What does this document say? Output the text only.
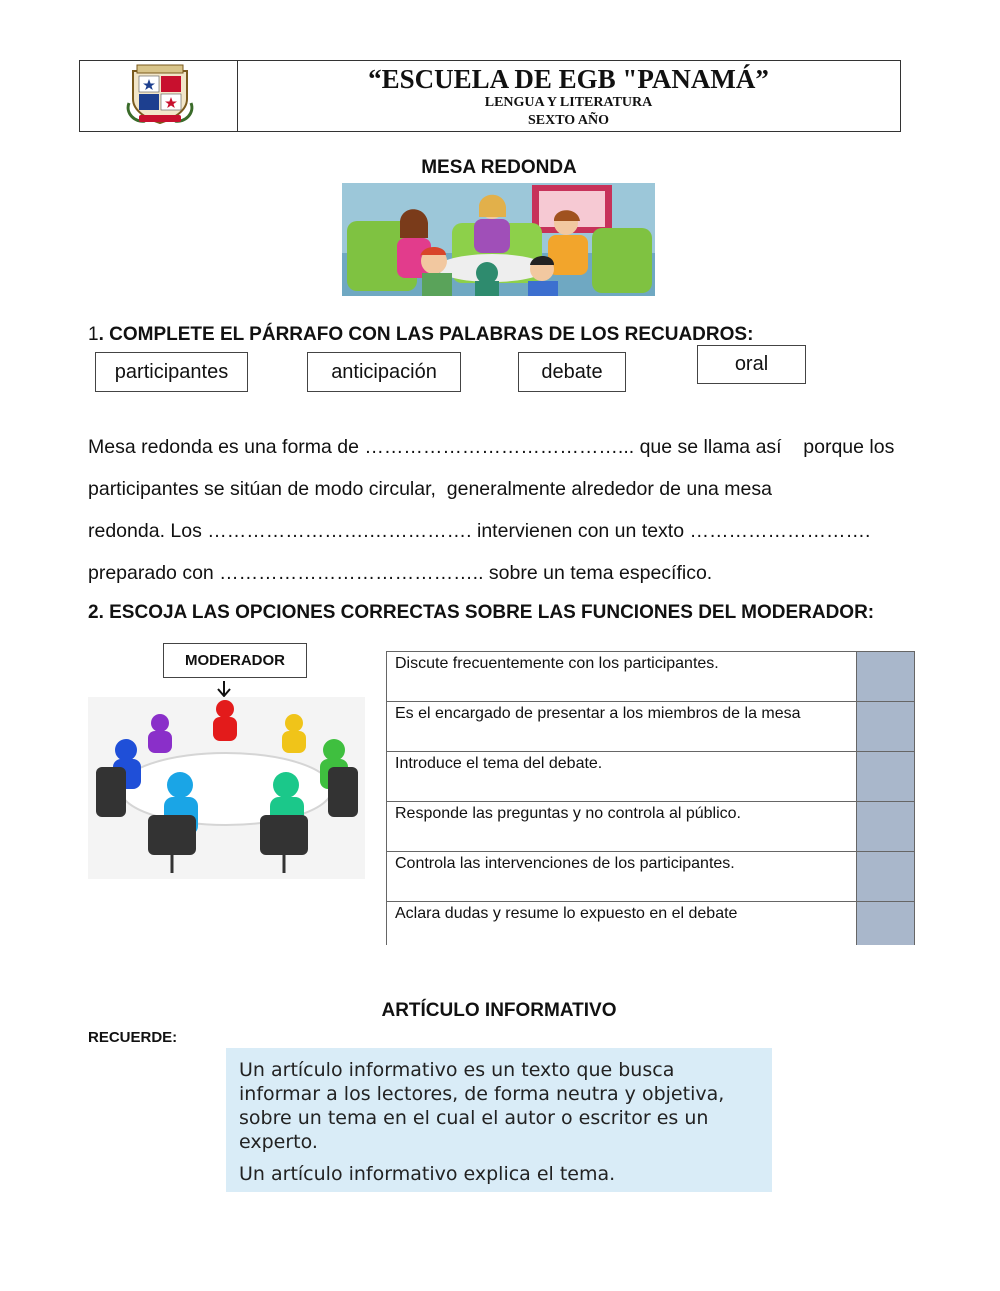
“ESCUELA DE EGB "PANAMÁ”
LENGUA Y LITERATURA
SEXTO AÑO
MESA REDONDA
1. COMPLETE EL PÁRRAFO CON LAS PALABRAS DE LOS RECUADROS:
participantes	anticipación	debate	oral
Mesa redonda es una forma de …………………………………... que se llama así    porque los
participantes se sitúan de modo circular,  generalmente alrededor de una mesa
redonda. Los …………………….……………. intervienen con un texto ……………………….
preparado con ………………………………….. sobre un tema específico.
2. ESCOJA LAS OPCIONES CORRECTAS SOBRE LAS FUNCIONES DEL MODERADOR:
MODERADOR	Discute frecuentemente con los participantes.	
Es el encargado de presentar a los miembros de la mesa	
Introduce el tema del debate.	
Responde las preguntas y no controla al público.	
Controla las intervenciones de los participantes.	
Aclara dudas y resume lo expuesto en el debate	
ARTÍCULO INFORMATIVO
RECUERDE:

Un artículo informativo es un texto que busca informar a los lectores, de forma neutra y objetiva, sobre un tema en el cual el autor o escritor es un experto.

Un artículo informativo explica el tema.
